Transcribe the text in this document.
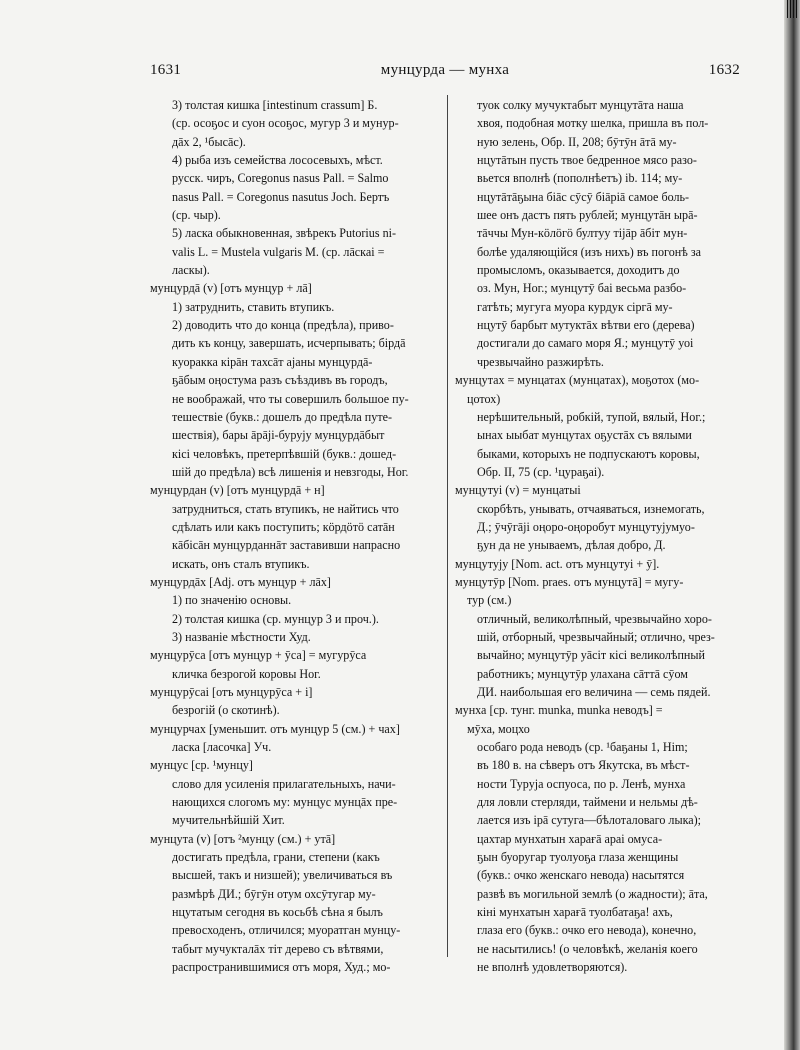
1631	мунцурда — мунха	1632
3) толстая кишка [intestinum crassum] Б.
(ср. осоҕос и суон осоҕос, мугур 3 и мунур-
дāх 2, ¹быcāс).
4) рыба изъ семейства лососевыхъ, мѣст.
русск. чиръ, Coregonus nasus Pall. = Salmo
nasus Pall. = Coregonus nasutus Joch. Бертъ
(ср. чыр).
5) ласка обыкновенная, звѣрекъ Putorius ni-
valis L. = Mustela vulgaris M. (ср. лāскаі =
ласкы).
мунцурдā (v) [отъ мунцур + лā]
1) затруднить, ставить втупикъ.
2) доводить что до конца (предѣла), приво-
дить къ концу, завершать, исчерпывать; бірдā
куоракка кірāн тахсāт аjаны мунцурдā-
ҕāбым оңостума разъ съѣздивъ въ городъ,
не воображай, что ты совершилъ большое пу-
тешествіе (букв.: дошелъ до предѣла путе-
шествія), бары āрāji-буруjу мунцурдāбыт
кісі человѣкъ, претерпѣвшій (букв.: дошед-
шій до предѣла) всѣ лишенія и невзгоды, Ног.
мунцурдан (v) [отъ мунцурдā + н]
затрудниться, стать втупикъ, не найтись что
сдѣлать или какъ поступить; кöрдöтö сатāн
кāбісāн мунцурданнāт заставивши напрасно
искать, онъ сталъ втупикъ.
мунцурдāх [Adj. отъ мунцур + лāх]
1) по значенію основы.
2) толстая кишка (ср. мунцур 3 и проч.).
3) названіе мѣстности Худ.
мунцурӯса [отъ мунцур + ӯса] = мугурӯса
кличка безрогой коровы Ног.
мунцурӯсаі [отъ мунцурӯса + і]
безрогій (о скотинѣ).
мунцурчах [уменьшит. отъ мунцур 5 (см.) + чах]
ласка [ласочка] Уч.
мунцус [ср. ¹мунцу]
слово для усиленія прилагательныхъ, начи-
нающихся слогомъ му: мунцус мунцāх пре-
мучительнѣйшій Хит.
мунцута (v) [отъ ²мунцу (см.) + утā]
достигать предѣла, грани, степени (какъ
высшей, такъ и низшей); увеличиваться въ
размѣрѣ ДИ.; бӯгӯн отум охсӯтугар му-
нцутатым сегодня въ косьбѣ сѣна я былъ
превосходенъ, отличился; муоратган мунцу-
табыт мучукталāх тіт дерево съ вѣтвями,
распространившимися отъ моря, Худ.; мо-
туок солку мучуктабыт мунцутāта наша
хвоя, подобная мотку шелка, пришла въ пол-
ную зелень, Обр. II, 208; бӯтӯн āтā му-
нцутāтын пусть твое бедренное мясо разо-
вьется вполнѣ (пополнѣетъ) ib. 114; му-
нцутāтāҕына біāс сӯсӯ біāріā самое боль-
шее онъ дастъ пять рублей; мунцутāн ырā-
тāччы Мун-кӧлӧгӧ бултуу тіjāр āбіт мун-
болѣе удаляющійся (изъ нихъ) въ погонѣ за
промысломъ, оказывается, доходитъ до
оз. Мун, Ног.; мунцутӯ баі весьма разбо-
гатѣть; мугуга муора курдук сіргā му-
нцутӯ барбыт мутуктāх вѣтви его (дерева)
достигали до самаго моря Я.; мунцутӯ уоі
чрезвычайно разжирѣть.
мунцутах = мунцатах (мунцатах), моҕотох (мо-
цотох)
нерѣшительный, робкій, тупой, вялый, Ног.;
ынах ыыбат мунцутах оҕустāх съ вялыми
быками, которыхъ не подпускаютъ коровы,
Обр. II, 75 (ср. ¹цураҕаі).
мунцутуі (v) = мунцатыі
скорбѣть, унывать, отчаяваться, изнемогать,
Д.; ӯчӯгājі оңоро-оңоробут мунцутуjумуо-
ҕун да не унываемъ, дѣлая добро, Д.
мунцутуjу [Nom. act. отъ мунцутуі + ӯ].
мунцутӯр [Nom. praes. отъ мунцутā] = мугу-
тур (см.)
отличный, великолѣпный, чрезвычайно хоро-
шій, отборный, чрезвычайный; отлично, чрез-
вычайно; мунцутӯр уāсіт кісі великолѣпный
работникъ; мунцутӯр улахана сāттā сӯом
ДИ. наибольшая его величина — семь пядей.
мунха [ср. тунг. munka, munka неводъ] =
мӯха, моцхо
особаго рода неводъ (ср. ¹баҕаны 1, Ніm;
въ 180 в. на сѣверъ отъ Якутска, въ мѣст-
ности Туруjа оспуоса, по р. Ленѣ, мунха
для ловли стерляди, таймени и нельмы дѣ-
лается изъ ірā сутуга—бѣлоталоваго лыка);
цахтар мунхатын харағā араі омуса-
ҕын буоругар туолуоҕа глаза женщины
(букв.: очко женскаго невода) насытятся
развѣ въ могильной землѣ (о жадности); āта,
кіні мунхатын харағā туолбатаҕа! ахъ,
глаза его (букв.: очко его невода), конечно,
не насытились! (о человѣкѣ, желанія коего
не вполнѣ удовлетворяются).
